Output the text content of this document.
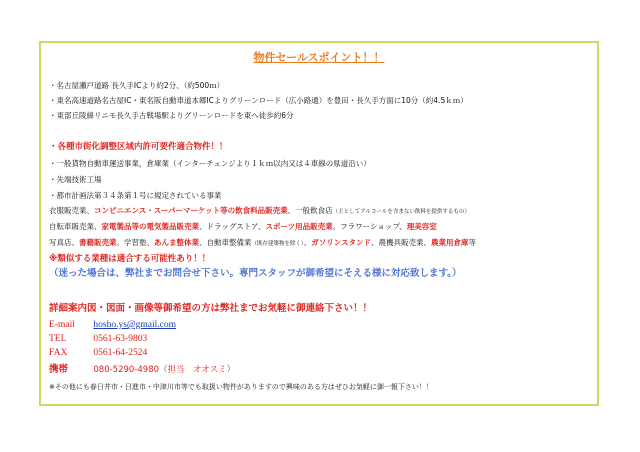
物件セールスポイント！！
・名古屋瀬戸道路 長久手ICより約2分、（約500ｍ）
・東名高速道路名古屋IC・東名阪自動車道本郷ICよりグリーンロード（広小路通）を豊田・長久手方面に10分（約4.5ｋｍ）
・東部丘陵線リニモ長久手古戦場駅よりグリーンロードを東へ徒歩約6分
・各種市街化調整区域内許可要件適合物件！！
・一般貨物自動車運送事業，倉庫業（インターチェンジより１ｋｍ以内又は４車線の県道沿い）
・先端技術工場
・都市計画法第３４条第１号に規定されている事業
衣服販売業、コンビニエンス・スーパーマーケット等の飲食料品販売業、一般飲食店（主としてアルコールを含まない飲料を提供するもの）
自転車販売業、家電製品等の電気製品販売業、ドラッグストア、スポーツ用品販売業、フラワーショップ、理美容室
写真店、書籍販売業、学習塾、あんま整体業、自動車整備業（既存建築物を除く）、ガソリンスタンド、農機具販売業、農業用倉庫等
※類似する業種は適合する可能性あり！！
（迷った場合は、弊社までお問合せ下さい。専門スタッフが御希望にそえる様に対応致します。）
詳細案内図・図面・画像等御希望の方は弊社までお気軽に御連絡下さい！！
E-mail hosho.ys@gmail.com
TEL	0561-63-9803
FAX	0561-64-2524
携帯	080-5290-4980（担当　オオスミ）
※その他にも春日井市・日進市・中津川市等でも取扱い物件がありますので興味のある方はぜひお気軽に御一報下さい！！
